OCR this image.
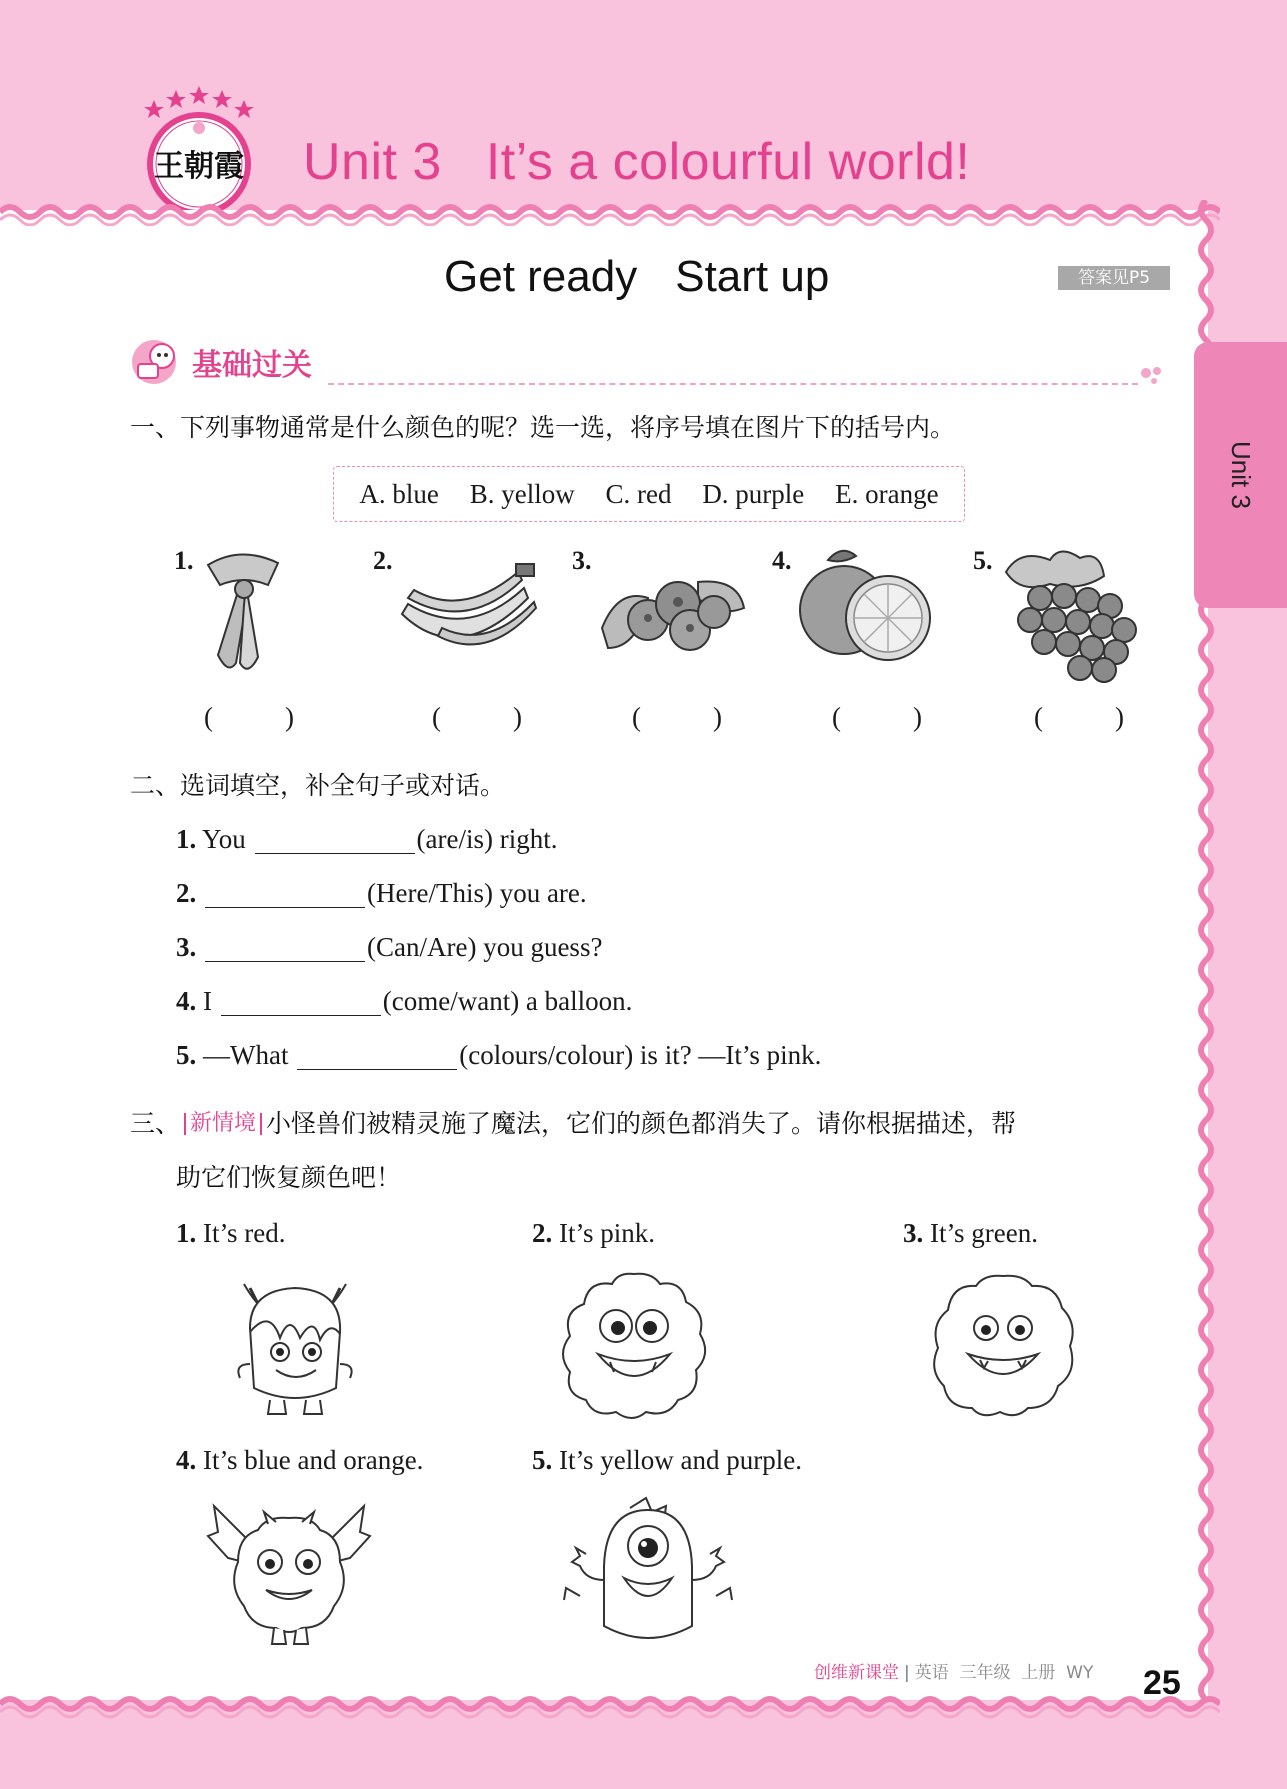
王朝霞 Unit 3 It’s a colourful world!
Unit 3
Get ready Start up	答案见P5
基础过关
一、下列事物通常是什么颜色的呢？选一选，将序号填在图片下的括号内。
A. blue B. yellow C. red D. purple E. orange
1.	2.	3.	4.	5.
(	)	(	)	(	)	(	)	(	)
二、选词填空，补全句子或对话。
1. You	(are/is) right.
2.	(Here/This) you are.
3.	(Can/Are) you guess?
4. I	(come/want) a balloon.
5. —What	(colours/colour) is it? —It’s pink.
三、 新情境 小怪兽们被精灵施了魔法，它们的颜色都消失了。请你根据描述，帮
助它们恢复颜色吧！
1. It’s red.	2. It’s pink.	3. It’s green.
4. It’s blue and orange.	5. It’s yellow and purple.
创维新课堂 | 英语
三年级
上册
WY 25
